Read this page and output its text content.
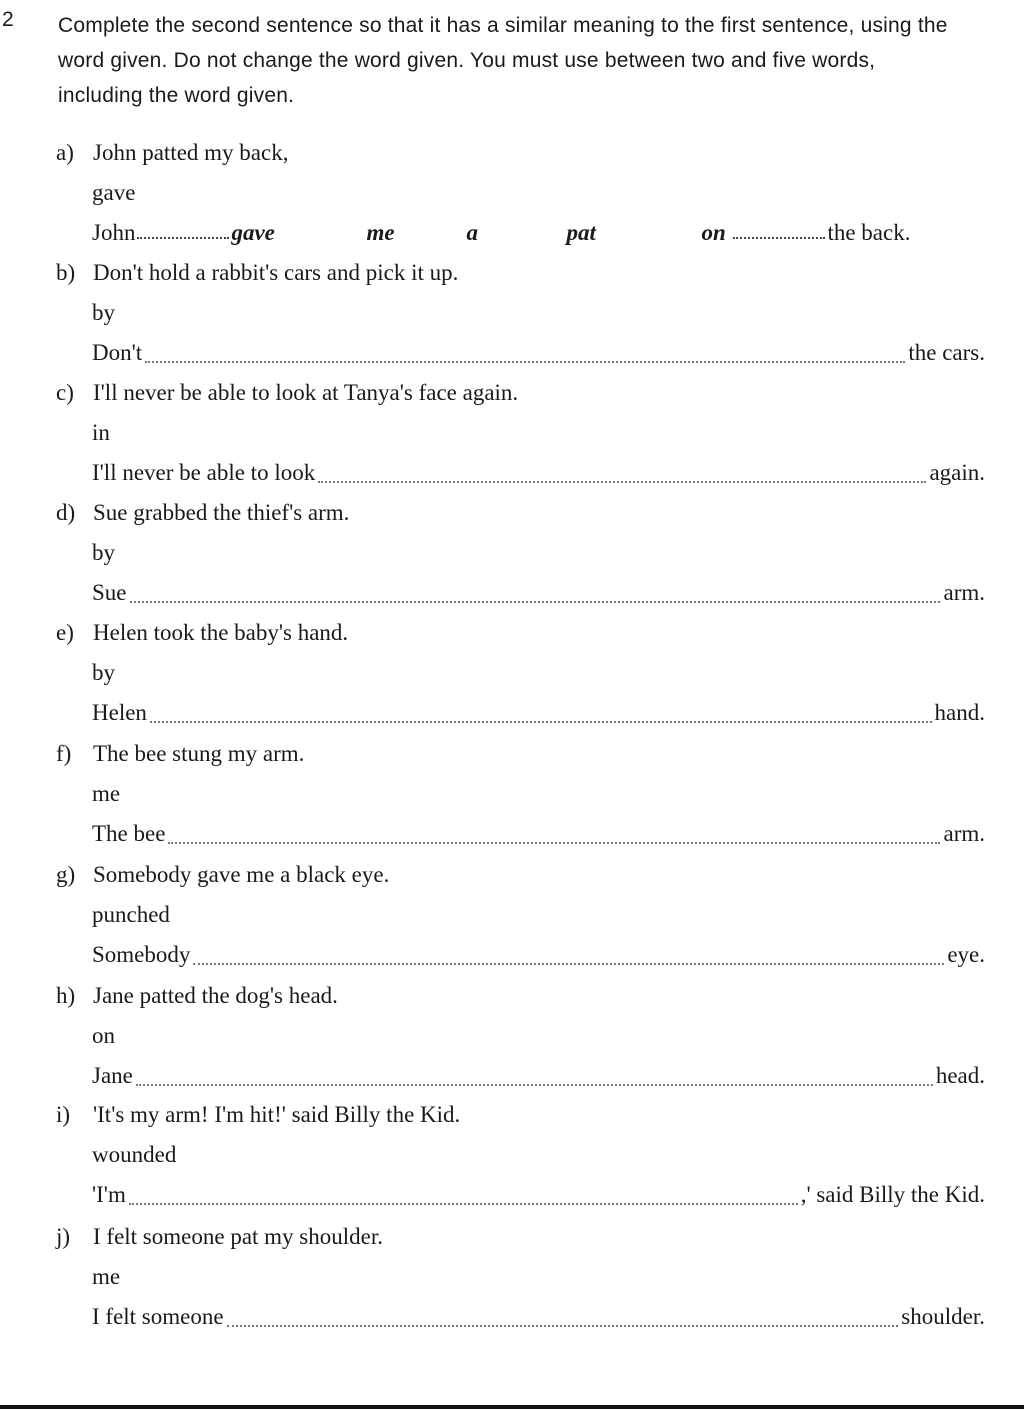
2 Complete the second sentence so that it has a similar meaning to the first sentence, using the word given. Do not change the word given. You must use between two and five words, including the word given.
a) John patted my back,
gave
John	gave	me	a	pat	on	the back.
b) Don't hold a rabbit's cars and pick it up.
by
Don't	the cars.
c) I'll never be able to look at Tanya's face again.
in
I'll never be able to look	again.
d) Sue grabbed the thief's arm.
by
Sue	arm.
e) Helen took the baby's hand.
by
Helen	hand.
f) The bee stung my arm.
me
The bee	arm.
g) Somebody gave me a black eye.
punched
Somebody	eye.
h) Jane patted the dog's head.
on
Jane	head.
i) 'It's my arm! I'm hit!' said Billy the Kid.
wounded
'I'm	,' said Billy the Kid.
j) I felt someone pat my shoulder.
me
I felt someone	shoulder.
